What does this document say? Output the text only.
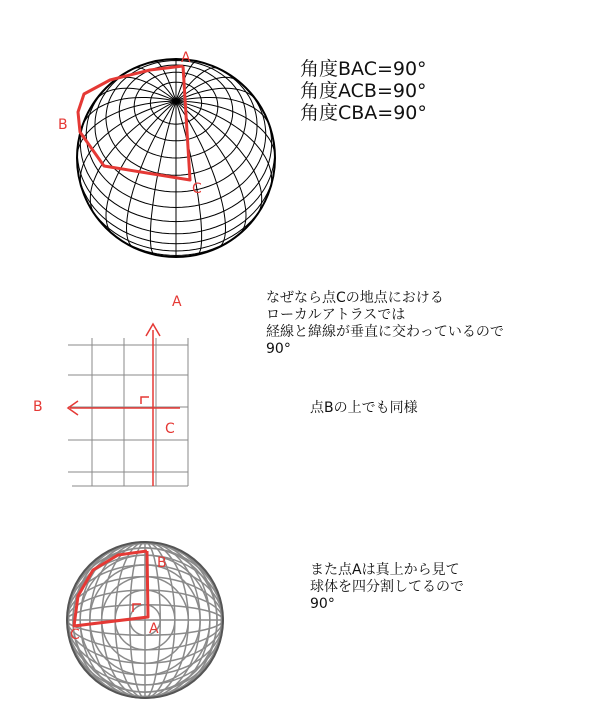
角度BAC=90°
角度ACB=90°
角度CBA=90°
なぜなら点Cの地点における
ローカルアトラスでは
経線と緯線が垂直に交わっているので
90°
点Bの上でも同様
また点Aは真上から見て
球体を四分割してるので
90°
A
B
C
A
B
C
B
A
C
